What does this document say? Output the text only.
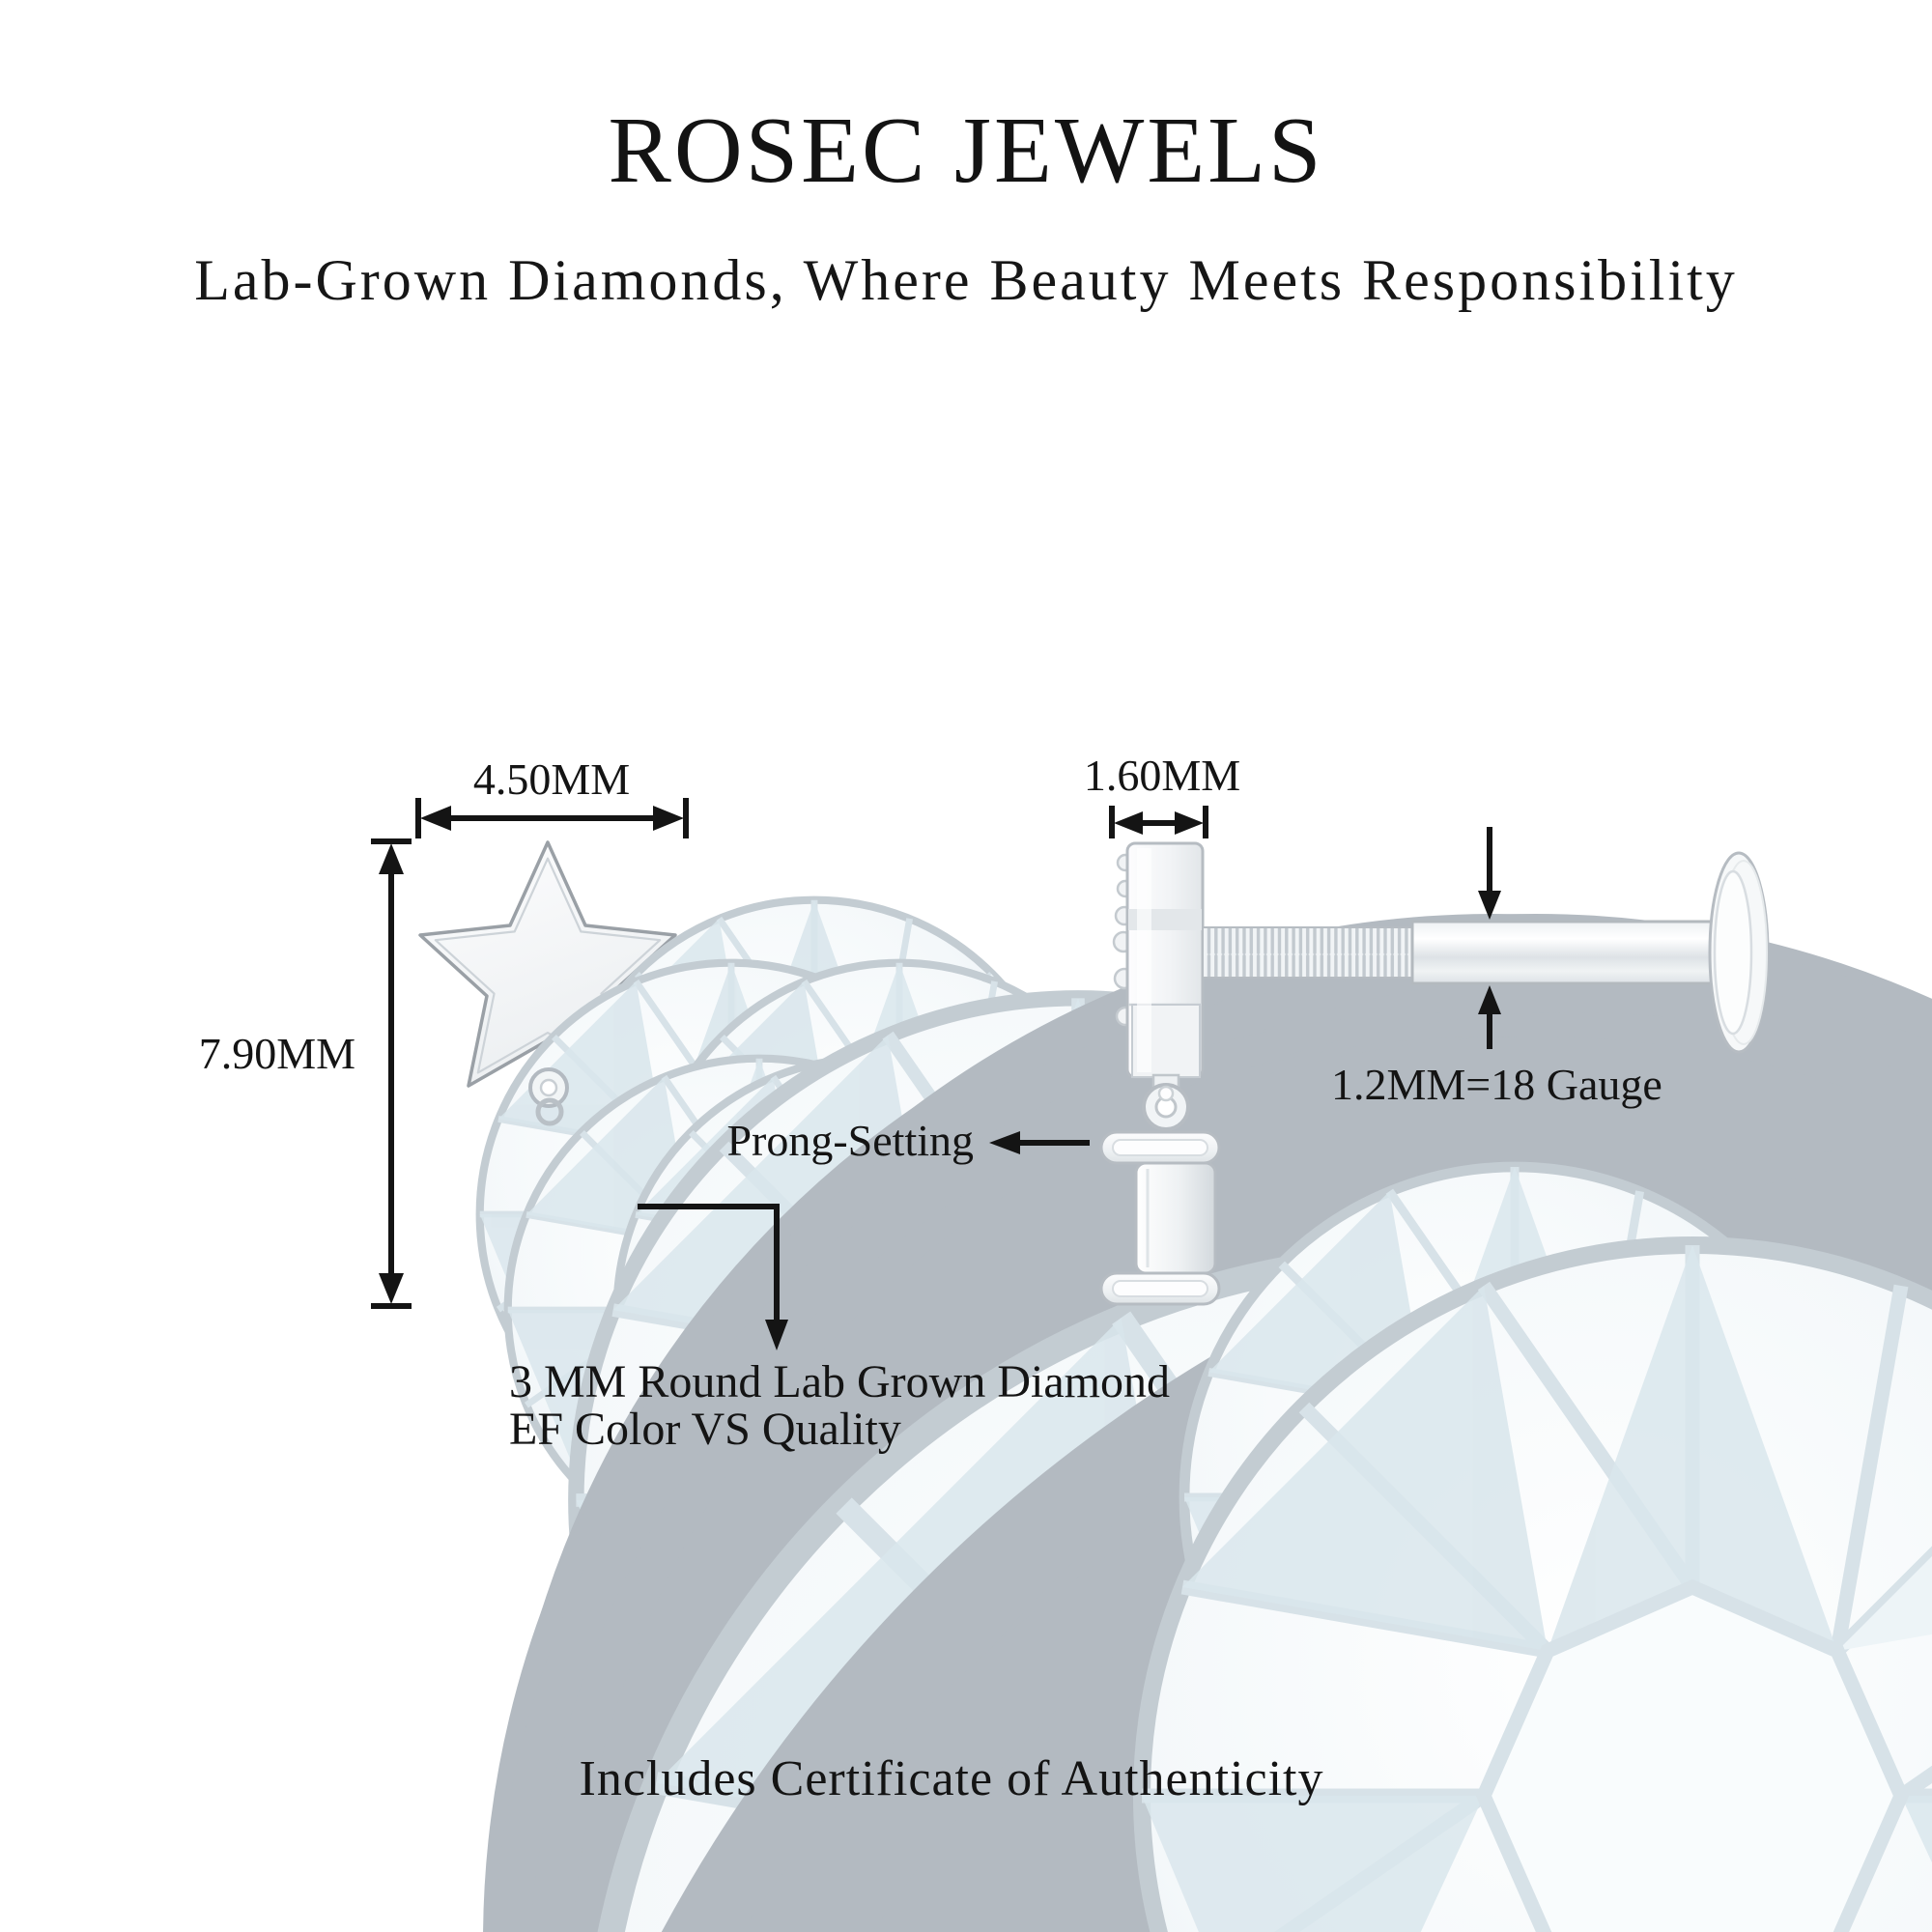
ROSEC JEWELS
Lab-Grown Diamonds, Where Beauty Meets Responsibility
4.50MM
7.90MM
1.60MM
1.2MM=18 Gauge
Prong-Setting
3 MM Round Lab Grown Diamond
EF Color VS Quality
Includes Certificate of Authenticity
